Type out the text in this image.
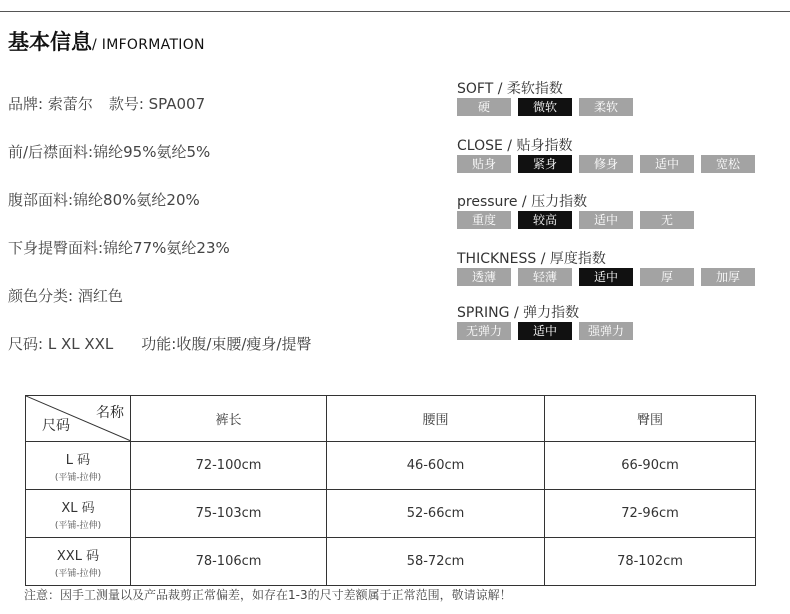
基本信息/ IMFORMATION
品牌: 索蕾尔 款号: SPA007
前/后襟面料:锦纶95%氨纶5%
腹部面料:锦纶80%氨纶20%
下身提臀面料:锦纶77%氨纶23%
颜色分类: 酒红色
尺码: L XL XXL 功能:收腹/束腰/瘦身/提臀
SOFT / 柔软指数
硬	微软	柔软
CLOSE / 贴身指数
贴身	紧身	修身	适中	宽松
pressure / 压力指数
重度	较高	适中	无
THICKNESS / 厚度指数
透薄	轻薄	适中	厚	加厚
SPRING / 弹力指数
无弹力	适中	强弹力
名称
尺码	裤长	腰围	臀围

L 码
(平铺-拉伸)	72-100cm	46-60cm	66-90cm

XL 码
(平铺-拉伸)	75-103cm	52-66cm	72-96cm

XXL 码
(平铺-拉伸)	78-106cm	58-72cm	78-102cm
注意：因手工测量以及产品裁剪正常偏差，如存在1-3的尺寸差额属于正常范围，敬请谅解！
